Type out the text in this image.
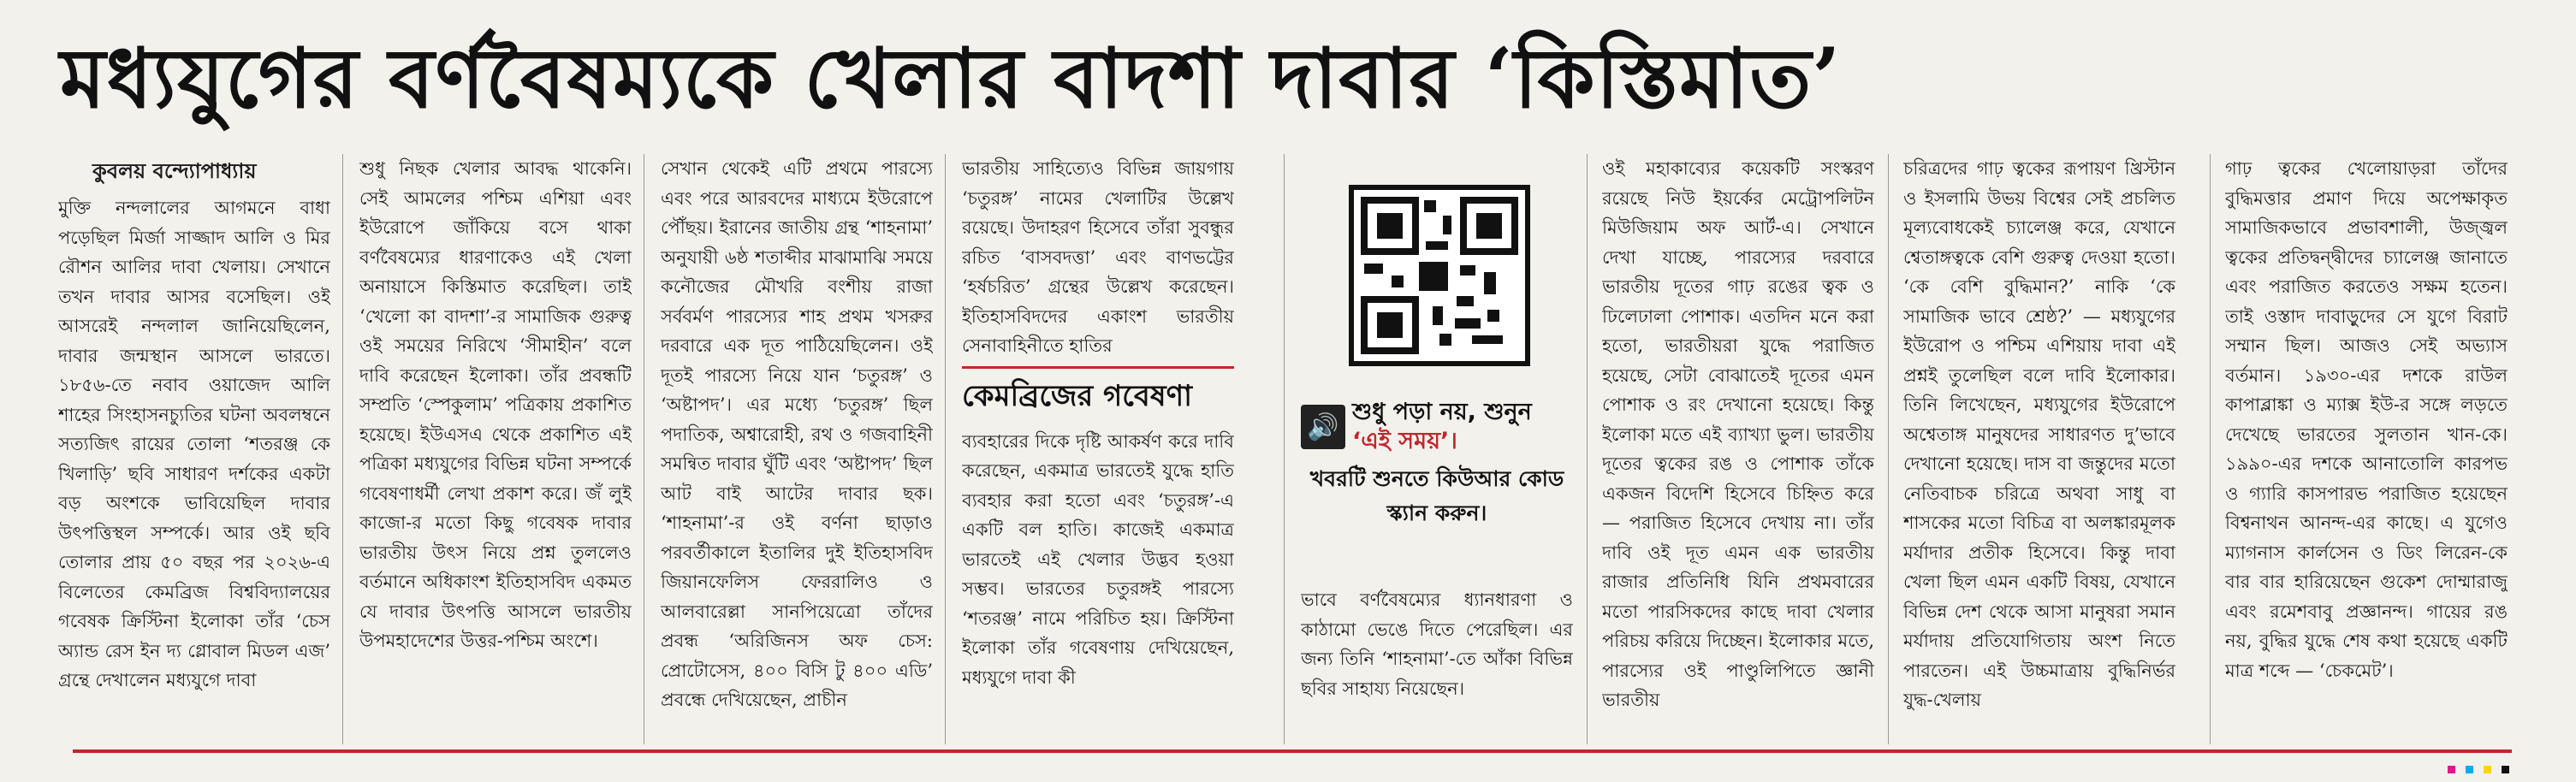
মধ্যযুগের বর্ণবৈষম্যকে খেলার বাদশা দাবার ‘কিস্তিমাত’
কুবলয় বন্দ্যোপাধ্যায়

মুক্তি নন্দলালের আগমনে বাধা পড়েছিল মির্জা সাজ্জাদ আলি ও মির রৌশন আলির দাবা খেলায়। সেখানে তখন দাবার আসর বসেছিল। ওই আসরেই নন্দলাল জানিয়েছিলেন, দাবার জন্মস্থান আসলে ভারতে। ১৮৫৬-তে নবাব ওয়াজেদ আলি শাহের সিংহাসনচ্যুতির ঘটনা অবলম্বনে সত্যজিৎ রায়ের তোলা ‘শতরঞ্জ কে খিলাড়ি’ ছবি সাধারণ দর্শকের একটা বড় অংশকে ভাবিয়েছিল দাবার উৎপত্তিস্থল সম্পর্কে। আর ওই ছবি তোলার প্রায় ৫০ বছর পর ২০২৬-এ বিলেতের কেমব্রিজ বিশ্ববিদ্যালয়ের গবেষক ক্রিস্টিনা ইলোকা তাঁর ‘চেস অ্যান্ড রেস ইন দ্য গ্লোবাল মিডল এজ’ গ্রন্থে দেখালেন মধ্যযুগে দাবা

শুধু নিছক খেলার আবদ্ধ থাকেনি। সেই আমলের পশ্চিম এশিয়া এবং ইউরোপে জাঁকিয়ে বসে থাকা বর্ণবৈষম্যের ধারণাকেও এই খেলা অনায়াসে কিস্তিমাত করেছিল। তাই ‘খেলো কা বাদশা’-র সামাজিক গুরুত্ব ওই সময়ের নিরিখে ‘সীমাহীন’ বলে দাবি করেছেন ইলোকা। তাঁর প্রবন্ধটি সম্প্রতি ‘স্পেকুলাম’ পত্রিকায় প্রকাশিত হয়েছে। ইউএসএ থেকে প্রকাশিত এই পত্রিকা মধ্যযুগের বিভিন্ন ঘটনা সম্পর্কে গবেষণাধর্মী লেখা প্রকাশ করে। জঁ লুই কাজো-র মতো কিছু গবেষক দাবার ভারতীয় উৎস নিয়ে প্রশ্ন তুললেও বর্তমানে অধিকাংশ ইতিহাসবিদ একমত যে দাবার উৎপত্তি আসলে ভারতীয় উপমহাদেশের উত্তর-পশ্চিম অংশে।

সেখান থেকেই এটি প্রথমে পারস্যে এবং পরে আরবদের মাধ্যমে ইউরোপে পৌঁছয়। ইরানের জাতীয় গ্রন্থ ‘শাহনামা’ অনুযায়ী ৬ষ্ঠ শতাব্দীর মাঝামাঝি সময়ে কনৌজের মৌখরি বংশীয় রাজা সর্ববর্মণ পারস্যের শাহ প্রথম খসরুর দরবারে এক দূত পাঠিয়েছিলেন। ওই দূতই পারস্যে নিয়ে যান ‘চতুরঙ্গ’ ও ‘অষ্টাপদ’। এর মধ্যে ‘চতুরঙ্গ’ ছিল পদাতিক, অশ্বারোহী, রথ ও গজবাহিনী সমন্বিত দাবার ঘুঁটি এবং ‘অষ্টাপদ’ ছিল আট বাই আটের দাবার ছক। ‘শাহনামা’-র ওই বর্ণনা ছাড়াও পরবর্তীকালে ইতালির দুই ইতিহাসবিদ জিয়ানফেলিস ফেররালিও ও আলবারেল্লা সানপিয়েত্রো তাঁদের প্রবন্ধ ‘অরিজিনস অফ চেস: প্রোটোসেস, ৪০০ বিসি টু ৪০০ এডি’ প্রবন্ধে দেখিয়েছেন, প্রাচীন

ভারতীয় সাহিত্যেও বিভিন্ন জায়গায় ‘চতুরঙ্গ’ নামের খেলাটির উল্লেখ রয়েছে। উদাহরণ হিসেবে তাঁরা সুবন্ধুর রচিত ‘বাসবদত্তা’ এবং বাণভট্টের ‘হর্ষচরিত’ গ্রন্থের উল্লেখ করেছেন। ইতিহাসবিদদের একাংশ ভারতীয় সেনাবাহিনীতে হাতির

কেমব্রিজের গবেষণা

ব্যবহারের দিকে দৃষ্টি আকর্ষণ করে দাবি করেছেন, একমাত্র ভারতেই যুদ্ধে হাতি ব্যবহার করা হতো এবং ‘চতুরঙ্গ’-এ একটি বল হাতি। কাজেই একমাত্র ভারতেই এই খেলার উদ্ভব হওয়া সম্ভব। ভারতের চতুরঙ্গই পারস্যে ‘শতরঞ্জ’ নামে পরিচিত হয়। ক্রিস্টিনা ইলোকা তাঁর গবেষণায় দেখিয়েছেন, মধ্যযুগে দাবা কী

🔊 শুধু পড়া নয়, শুনুন ‘এই সময়’।
খবরটি শুনতে কিউআর কোড স্ক্যান করুন।

ভাবে বর্ণবৈষম্যের ধ্যানধারণা ও কাঠামো ভেঙে দিতে পেরেছিল। এর জন্য তিনি ‘শাহনামা’-তে আঁকা বিভিন্ন ছবির সাহায্য নিয়েছেন।

ওই মহাকাব্যের কয়েকটি সংস্করণ রয়েছে নিউ ইয়র্কের মেট্রোপলিটন মিউজিয়াম অফ আর্ট-এ। সেখানে দেখা যাচ্ছে, পারস্যের দরবারে ভারতীয় দূতের গাঢ় রঙের ত্বক ও ঢিলেঢালা পোশাক। এতদিন মনে করা হতো, ভারতীয়রা যুদ্ধে পরাজিত হয়েছে, সেটা বোঝাতেই দূতের এমন পোশাক ও রং দেখানো হয়েছে। কিন্তু ইলোকা মতে এই ব্যাখ্যা ভুল। ভারতীয় দূতের ত্বকের রঙ ও পোশাক তাঁকে একজন বিদেশি হিসেবে চিহ্নিত করে — পরাজিত হিসেবে দেখায় না। তাঁর দাবি ওই দূত এমন এক ভারতীয় রাজার প্রতিনিধি যিনি প্রথমবারের মতো পারসিকদের কাছে দাবা খেলার পরিচয় করিয়ে দিচ্ছেন। ইলোকার মতে, পারস্যের ওই পাণ্ডুলিপিতে জ্ঞানী ভারতীয়

চরিত্রদের গাঢ় ত্বকের রূপায়ণ খ্রিস্টান ও ইসলামি উভয় বিশ্বের সেই প্রচলিত মূল্যবোধকেই চ্যালেঞ্জ করে, যেখানে শ্বেতাঙ্গত্বকে বেশি গুরুত্ব দেওয়া হতো। ‘কে বেশি বুদ্ধিমান?’ নাকি ‘কে সামাজিক ভাবে শ্রেষ্ঠ?’ — মধ্যযুগের ইউরোপ ও পশ্চিম এশিয়ায় দাবা এই প্রশ্নই তুলেছিল বলে দাবি ইলোকার। তিনি লিখেছেন, মধ্যযুগের ইউরোপে অশ্বেতাঙ্গ মানুষদের সাধারণত দু’ভাবে দেখানো হয়েছে। দাস বা জন্তুদের মতো নেতিবাচক চরিত্রে অথবা সাধু বা শাসকের মতো বিচিত্র বা অলঙ্কারমূলক মর্যাদার প্রতীক হিসেবে। কিন্তু দাবা খেলা ছিল এমন একটি বিষয়, যেখানে বিভিন্ন দেশ থেকে আসা মানুষরা সমান মর্যাদায় প্রতিযোগিতায় অংশ নিতে পারতেন। এই উচ্চমাত্রায় বুদ্ধিনির্ভর যুদ্ধ-খেলায়

গাঢ় ত্বকের খেলোয়াড়রা তাঁদের বুদ্ধিমত্তার প্রমাণ দিয়ে অপেক্ষাকৃত সামাজিকভাবে প্রভাবশালী, উজ্জ্বল ত্বকের প্রতিদ্বন্দ্বীদের চ্যালেঞ্জ জানাতে এবং পরাজিত করতেও সক্ষম হতেন। তাই ওস্তাদ দাবাড়ুদের সে যুগে বিরাট সম্মান ছিল। আজও সেই অভ্যাস বর্তমান। ১৯৩০-এর দশকে রাউল কাপাব্লাঙ্কা ও ম্যাক্স ইউ-র সঙ্গে লড়তে দেখেছে ভারতের সুলতান খান-কে। ১৯৯০-এর দশকে আনাতোলি কারপভ ও গ্যারি কাসপারভ পরাজিত হয়েছেন বিশ্বনাথন আনন্দ-এর কাছে। এ যুগেও ম্যাগনাস কার্লসেন ও ডিং লিরেন-কে বার বার হারিয়েছেন গুকেশ দোম্মারাজু এবং রমেশবাবু প্রজ্ঞানন্দ। গায়ের রঙ নয়, বুদ্ধির যুদ্ধে শেষ কথা হয়েছে একটি মাত্র শব্দে — ‘চেকমেট’।
